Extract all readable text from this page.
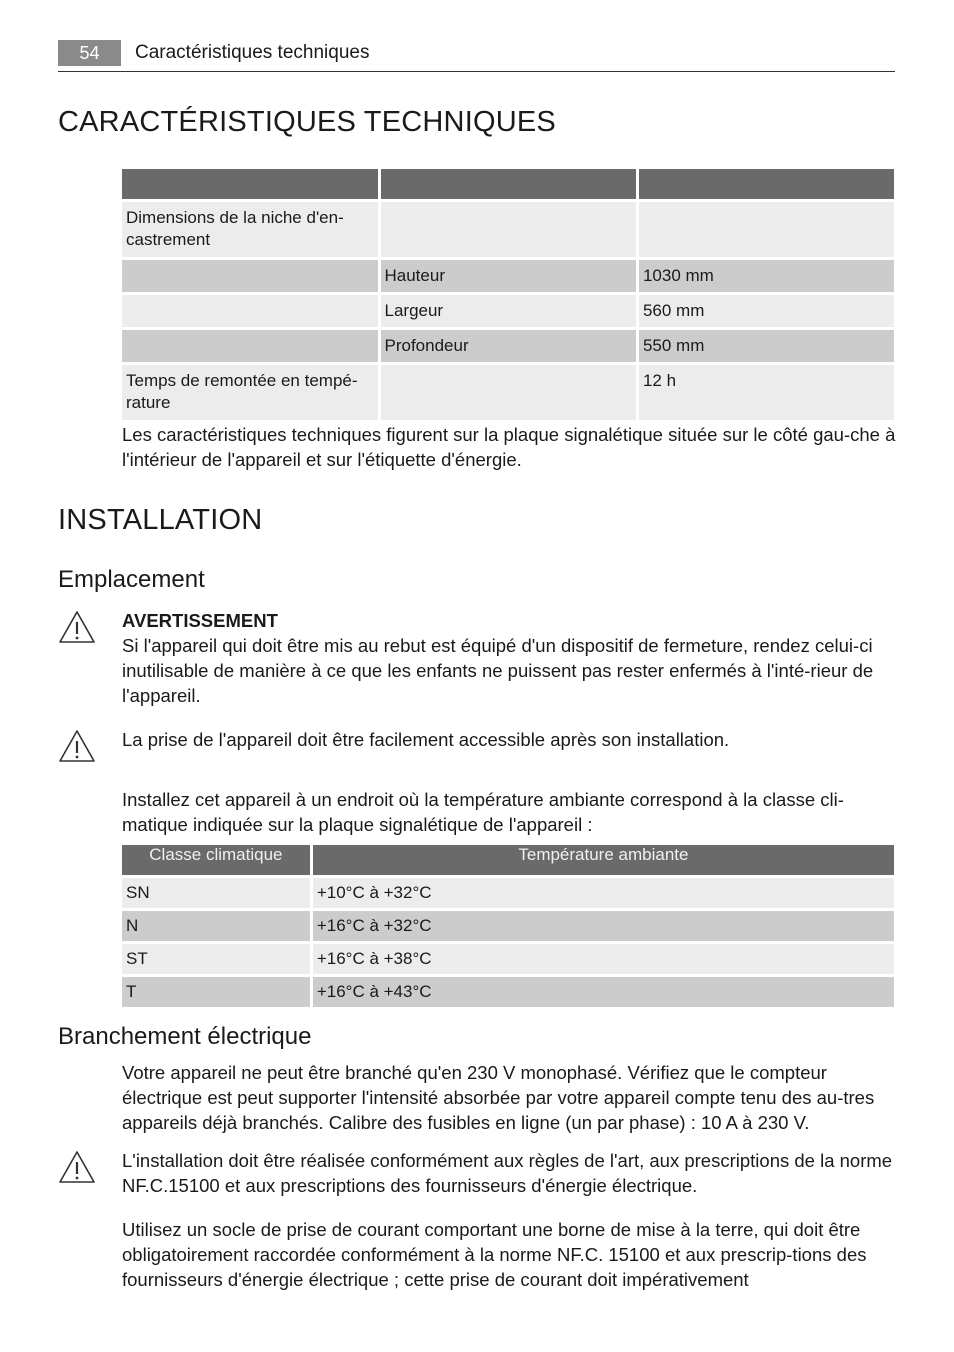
54	Caractéristiques techniques
CARACTÉRISTIQUES TECHNIQUES

Dimensions de la niche d'en-castrement		
	Hauteur	1030 mm
	Largeur	560 mm
	Profondeur	550 mm
Temps de remontée en tempé-rature		12 h

Les caractéristiques techniques figurent sur la plaque signalétique située sur le côté gau-che à l'intérieur de l'appareil et sur l'étiquette d'énergie.

INSTALLATION
Emplacement
AVERTISSEMENT

Si l'appareil qui doit être mis au rebut est équipé d'un dispositif de fermeture, rendez celui-ci inutilisable de manière à ce que les enfants ne puissent pas rester enfermés à l'inté-rieur de l'appareil.

La prise de l'appareil doit être facilement accessible après son installation.

Installez cet appareil à un endroit où la température ambiante correspond à la classe cli-matique indiquée sur la plaque signalétique de l'appareil :

Classe climatique	Température ambiante
SN	+10°C à +32°C
N	+16°C à +32°C
ST	+16°C à +38°C
T	+16°C à +43°C
Branchement électrique

Votre appareil ne peut être branché qu'en 230 V monophasé. Vérifiez que le compteur électrique est peut supporter l'intensité absorbée par votre appareil compte tenu des au-tres appareils déjà branchés. Calibre des fusibles en ligne (un par phase) : 10 A à 230 V.

L'installation doit être réalisée conformément aux règles de l'art, aux prescriptions de la norme NF.C.15100 et aux prescriptions des fournisseurs d'énergie électrique.

Utilisez un socle de prise de courant comportant une borne de mise à la terre, qui doit être obligatoirement raccordée conformément à la norme NF.C. 15100 et aux prescrip-tions des fournisseurs d'énergie électrique ; cette prise de courant doit impérativement
